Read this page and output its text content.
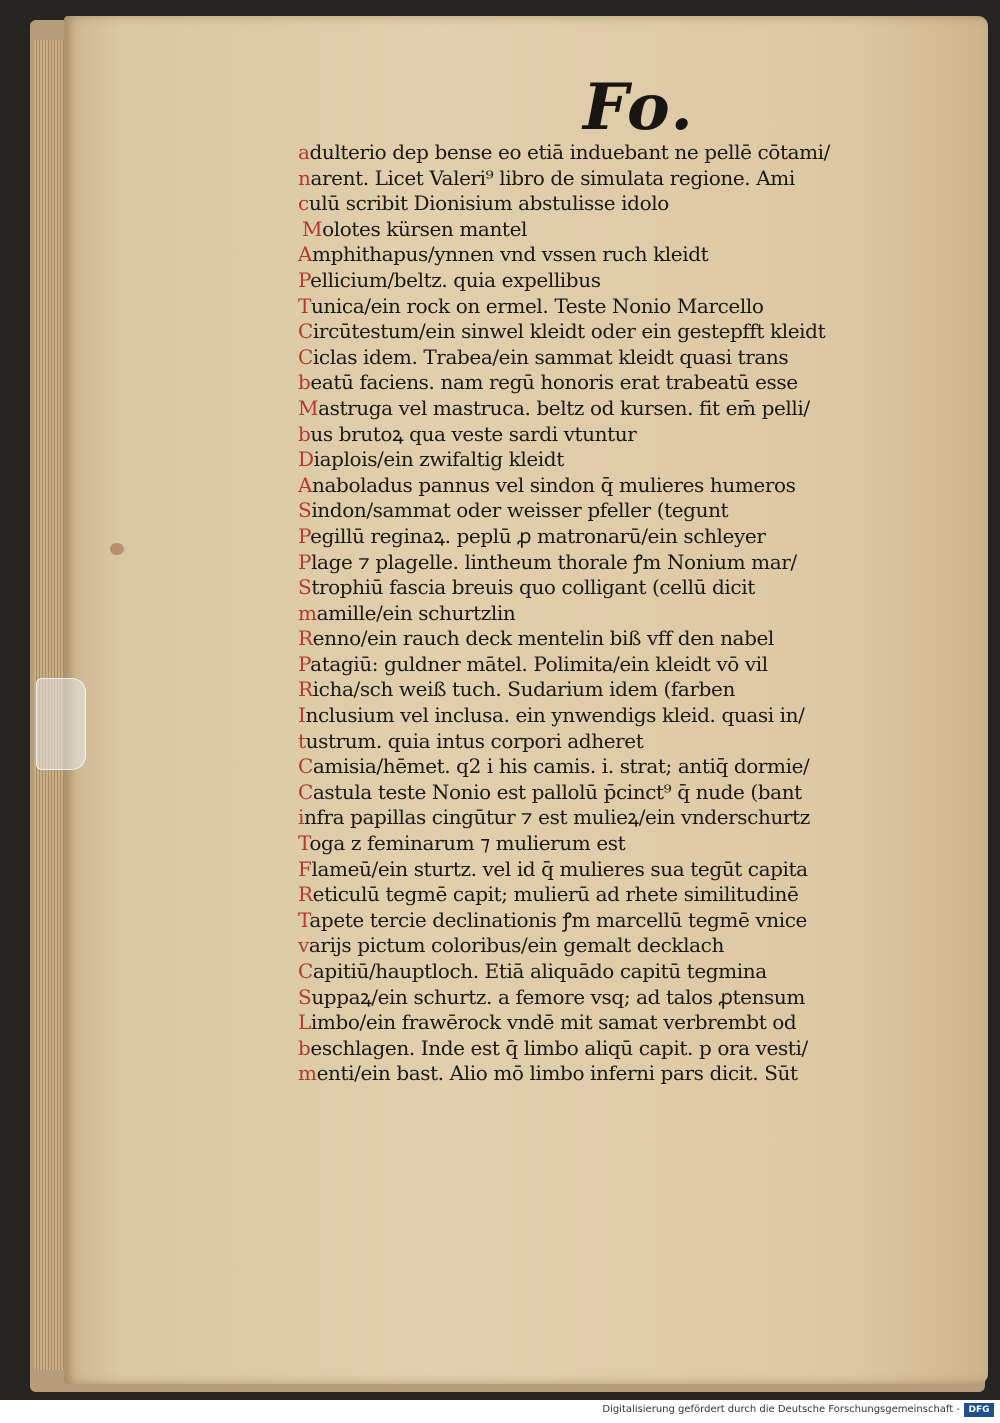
Fo.
adulterio dep bense eo etiā induebant ne pellē cōtami/
narent. Licet Valeri⁹ libro de simulata regione. Ami
culū scribit Dionisium abstulisse idolo
Molotes kürsen mantel
Amphithapus/ynnen vnd vssen ruch kleidt
Pellicium/beltz. quia expellibus
Tunica/ein rock on ermel. Teste Nonio Marcello
Circūtestum/ein sinwel kleidt oder ein gestepfft kleidt
Ciclas idem. Trabea/ein sammat kleidt quasi trans
beatū faciens. nam regū honoris erat trabeatū esse
Mastruga vel mastruca. beltz od kursen. fit em̄ pelli/
bus brutoꝝ qua veste sardi vtuntur
Diaplois/ein zwifaltig kleidt
Anaboladus pannus vel sindon q̄ mulieres humeros
Sindon/sammat oder weisser pfeller (tegunt
Pegillū reginaꝝ. peplū ꝓ matronarū/ein schleyer
Plage ⁊ plagelle. lintheum thorale ꝭm Nonium mar/
Strophiū fascia breuis quo colligant (cellū dicit
mamille/ein schurtzlin
Renno/ein rauch deck mentelin biß vff den nabel
Patagiū: guldner mātel. Polimita/ein kleidt vō vil
Richa/sch weiß tuch. Sudarium idem (farben
Inclusium vel inclusa. ein ynwendigs kleid. quasi in/
tustrum. quia intus corpori adheret
Camisia/hēmet. q2 i his camis. i. strat; antiq̄ dormie/
Castula teste Nonio est pallolū p̄cinct⁹ q̄ nude (bant
infra papillas cingūtur ⁊ est mulieꝝ/ein vnderschurtz
Toga z feminarum ⁊ mulierum est
Flameū/ein sturtz. vel id q̄ mulieres sua tegūt capita
Reticulū tegmē capit; mulierū ad rhete similitudinē
Tapete tercie declinationis ꝭm marcellū tegmē vnice
varijs pictum coloribus/ein gemalt decklach
Capitiū/hauptloch. Etiā aliquādo capitū tegmina
Suppaꝝ/ein schurtz. a femore vsq; ad talos ꝓtensum
Limbo/ein frawērock vndē mit samat verbrembt od
beschlagen. Inde est q̄ limbo aliqū capit. p ora vesti/
menti/ein bast. Alio mō limbo inferni pars dicit. Sūt
Digitalisierung gefördert durch die Deutsche Forschungsgemeinschaft - DFG
